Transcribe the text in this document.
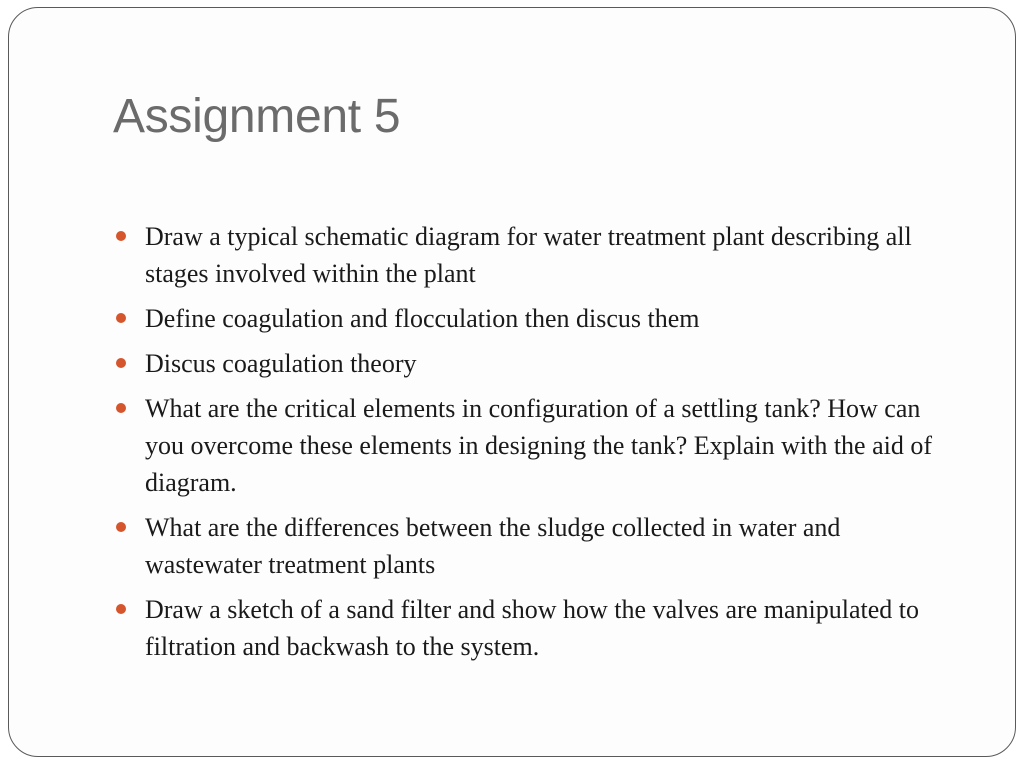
Assignment 5
Draw a typical schematic diagram for water treatment plant describing all stages involved within the plant
Define coagulation and flocculation then discus them
Discus coagulation theory
What are the critical elements in configuration of a settling tank? How can you overcome these elements in designing the tank? Explain with the aid of diagram.
What are the differences between the sludge collected in water and wastewater treatment plants
Draw a sketch of a sand filter and show how the valves are manipulated to filtration and backwash to the system.
